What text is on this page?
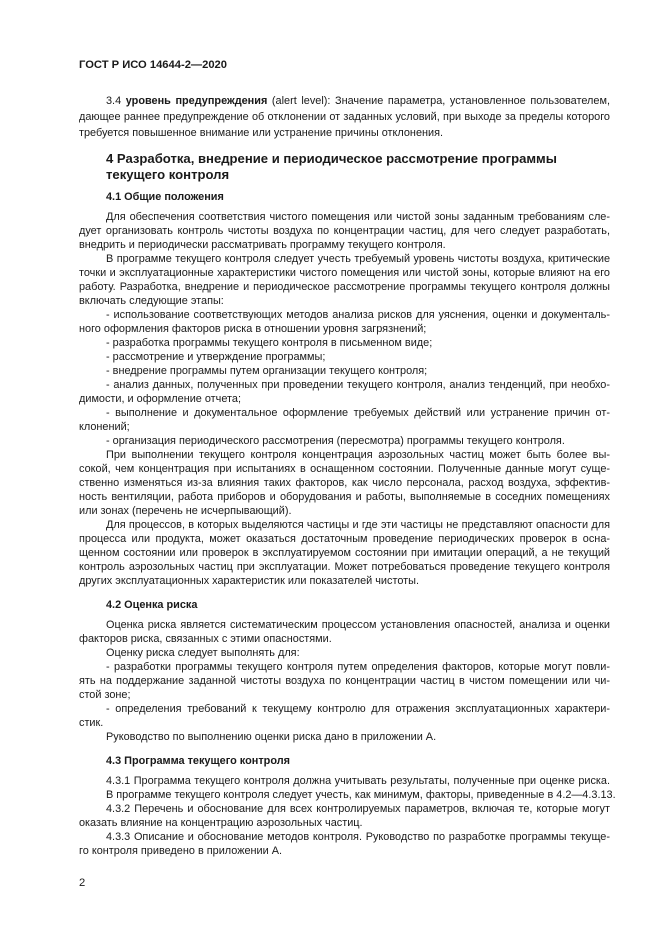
ГОСТ Р ИСО 14644-2—2020
3.4 уровень предупреждения (alert level): Значение параметра, установленное пользователем,
дающее раннее предупреждение об отклонении от заданных условий, при выходе за пределы которого
требуется повышенное внимание или устранение причины отклонения.
4 Разработка, внедрение и периодическое рассмотрение программы
текущего контроля
4.1 Общие положения
Для обеспечения соответствия чистого помещения или чистой зоны заданным требованиям сле-
дует организовать контроль чистоты воздуха по концентрации частиц, для чего следует разработать,
внедрить и периодически рассматривать программу текущего контроля.
В программе текущего контроля следует учесть требуемый уровень чистоты воздуха, критические
точки и эксплуатационные характеристики чистого помещения или чистой зоны, которые влияют на его
работу. Разработка, внедрение и периодическое рассмотрение программы текущего контроля должны
включать следующие этапы:
- использование соответствующих методов анализа рисков для уяснения, оценки и документаль-
ного оформления факторов риска в отношении уровня загрязнений;
- разработка программы текущего контроля в письменном виде;
- рассмотрение и утверждение программы;
- внедрение программы путем организации текущего контроля;
- анализ данных, полученных при проведении текущего контроля, анализ тенденций, при необхо-
димости, и оформление отчета;
- выполнение и документальное оформление требуемых действий или устранение причин от-
клонений;
- организация периодического рассмотрения (пересмотра) программы текущего контроля.
При выполнении текущего контроля концентрация аэрозольных частиц может быть более вы-
сокой, чем концентрация при испытаниях в оснащенном состоянии. Полученные данные могут суще-
ственно изменяться из-за влияния таких факторов, как число персонала, расход воздуха, эффектив-
ность вентиляции, работа приборов и оборудования и работы, выполняемые в соседних помещениях
или зонах (перечень не исчерпывающий).
Для процессов, в которых выделяются частицы и где эти частицы не представляют опасности для
процесса или продукта, может оказаться достаточным проведение периодических проверок в осна-
щенном состоянии или проверок в эксплуатируемом состоянии при имитации операций, а не текущий
контроль аэрозольных частиц при эксплуатации. Может потребоваться проведение текущего контроля
других эксплуатационных характеристик или показателей чистоты.
4.2 Оценка риска
Оценка риска является систематическим процессом установления опасностей, анализа и оценки
факторов риска, связанных с этими опасностями.
Оценку риска следует выполнять для:
- разработки программы текущего контроля путем определения факторов, которые могут повли-
ять на поддержание заданной чистоты воздуха по концентрации частиц в чистом помещении или чи-
стой зоне;
- определения требований к текущему контролю для отражения эксплуатационных характери-
стик.
Руководство по выполнению оценки риска дано в приложении А.
4.3 Программа текущего контроля
4.3.1 Программа текущего контроля должна учитывать результаты, полученные при оценке риска.
В программе текущего контроля следует учесть, как минимум, факторы, приведенные в 4.2—4.3.13.
4.3.2 Перечень и обоснование для всех контролируемых параметров, включая те, которые могут
оказать влияние на концентрацию аэрозольных частиц.
4.3.3 Описание и обоснование методов контроля. Руководство по разработке программы текуще-
го контроля приведено в приложении А.
2
